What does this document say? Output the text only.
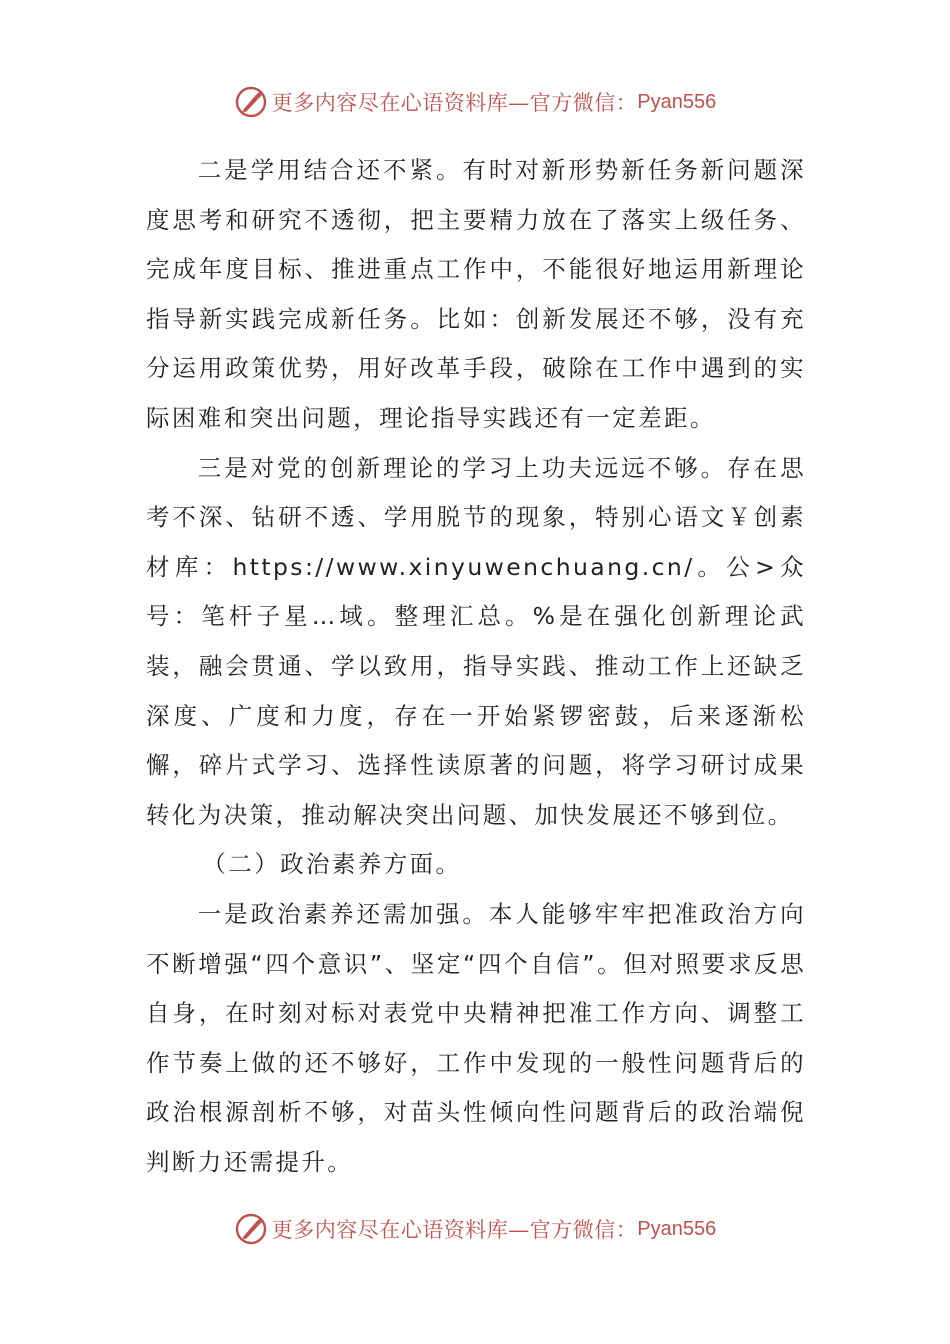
更多内容尽在心语资料库—官方微信： Pyan556

二是学用结合还不紧。有时对新形势新任务新问题深度思考和研究不透彻，把主要精力放在了落实上级任务、完成年度目标、推进重点工作中，不能很好地运用新理论指导新实践完成新任务。比如：创新发展还不够，没有充分运用政策优势，用好改革手段，破除在工作中遇到的实际困难和突出问题，理论指导实践还有一定差距。

三是对党的创新理论的学习上功夫远远不够。存在思考不深、钻研不透、学用脱节的现象，特别心语文￥创素材库：https://www.xinyuwenchuang.cn/。公>众号：笔杆子星…域。整理汇总。%是在强化创新理论武装，融会贯通、学以致用，指导实践、推动工作上还缺乏深度、广度和力度，存在一开始紧锣密鼓，后来逐渐松懈，碎片式学习、选择性读原著的问题，将学习研讨成果转化为决策，推动解决突出问题、加快发展还不够到位。

（二）政治素养方面。

一是政治素养还需加强。本人能够牢牢把准政治方向不断增强“四个意识”、坚定“四个自信”。但对照要求反思自身，在时刻对标对表党中央精神把准工作方向、调整工作节奏上做的还不够好，工作中发现的一般性问题背后的政治根源剖析不够，对苗头性倾向性问题背后的政治端倪判断力还需提升。

更多内容尽在心语资料库—官方微信： Pyan556
